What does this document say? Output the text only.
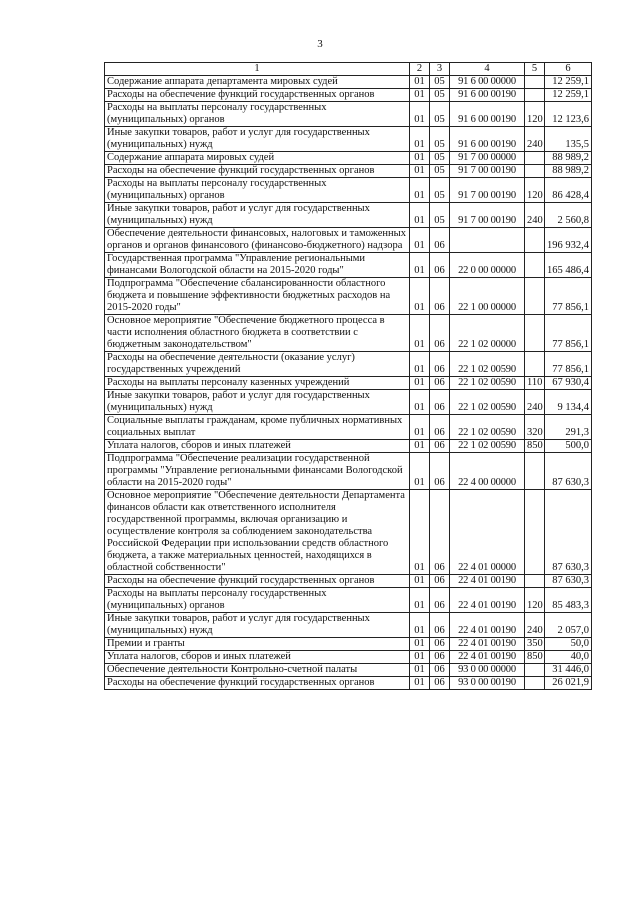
3
1	2	3	4	5	6
Содержание аппарата департамента мировых судей	01	05	91 6 00 00000		12 259,1
Расходы на обеспечение функций государственных органов	01	05	91 6 00 00190		12 259,1
Расходы на выплаты персоналу государственных (муниципальных) органов	01	05	91 6 00 00190	120	12 123,6
Иные закупки товаров, работ и услуг для государственных (муниципальных) нужд	01	05	91 6 00 00190	240	135,5
Содержание аппарата мировых судей	01	05	91 7 00 00000		88 989,2
Расходы на обеспечение функций государственных органов	01	05	91 7 00 00190		88 989,2
Расходы на выплаты персоналу государственных (муниципальных) органов	01	05	91 7 00 00190	120	86 428,4
Иные закупки товаров, работ и услуг для государственных (муниципальных) нужд	01	05	91 7 00 00190	240	2 560,8
Обеспечение деятельности финансовых, налоговых и таможенных органов и органов финансового (финансово-бюджетного) надзора	01	06			196 932,4
Государственная программа "Управление региональными финансами Вологодской области на 2015-2020 годы"	01	06	22 0 00 00000		165 486,4
Подпрограмма "Обеспечение сбалансированности областного бюджета и повышение эффективности бюджетных расходов на 2015-2020 годы"	01	06	22 1 00 00000		77 856,1
Основное мероприятие "Обеспечение бюджетного процесса в части исполнения областного бюджета в соответствии с бюджетным законодательством"	01	06	22 1 02 00000		77 856,1
Расходы на обеспечение деятельности (оказание услуг) государственных учреждений	01	06	22 1 02 00590		77 856,1
Расходы на выплаты персоналу казенных учреждений	01	06	22 1 02 00590	110	67 930,4
Иные закупки товаров, работ и услуг для государственных (муниципальных) нужд	01	06	22 1 02 00590	240	9 134,4
Социальные выплаты гражданам, кроме публичных нормативных социальных выплат	01	06	22 1 02 00590	320	291,3
Уплата налогов, сборов и иных платежей	01	06	22 1 02 00590	850	500,0
Подпрограмма "Обеспечение реализации государственной программы "Управление региональными финансами Вологодской области на 2015-2020 годы"	01	06	22 4 00 00000		87 630,3
Основное мероприятие "Обеспечение деятельности Департамента финансов области как ответственного исполнителя государственной программы, включая организацию и осуществление контроля за соблюдением законодательства Российской Федерации при использовании средств областного бюджета, а также материальных ценностей, находящихся в областной собственности"	01	06	22 4 01 00000		87 630,3
Расходы на обеспечение функций государственных органов	01	06	22 4 01 00190		87 630,3
Расходы на выплаты персоналу государственных (муниципальных) органов	01	06	22 4 01 00190	120	85 483,3
Иные закупки товаров, работ и услуг для государственных (муниципальных) нужд	01	06	22 4 01 00190	240	2 057,0
Премии и гранты	01	06	22 4 01 00190	350	50,0
Уплата налогов, сборов и иных платежей	01	06	22 4 01 00190	850	40,0
Обеспечение деятельности Контрольно-счетной палаты	01	06	93 0 00 00000		31 446,0
Расходы на обеспечение функций государственных органов	01	06	93 0 00 00190		26 021,9
